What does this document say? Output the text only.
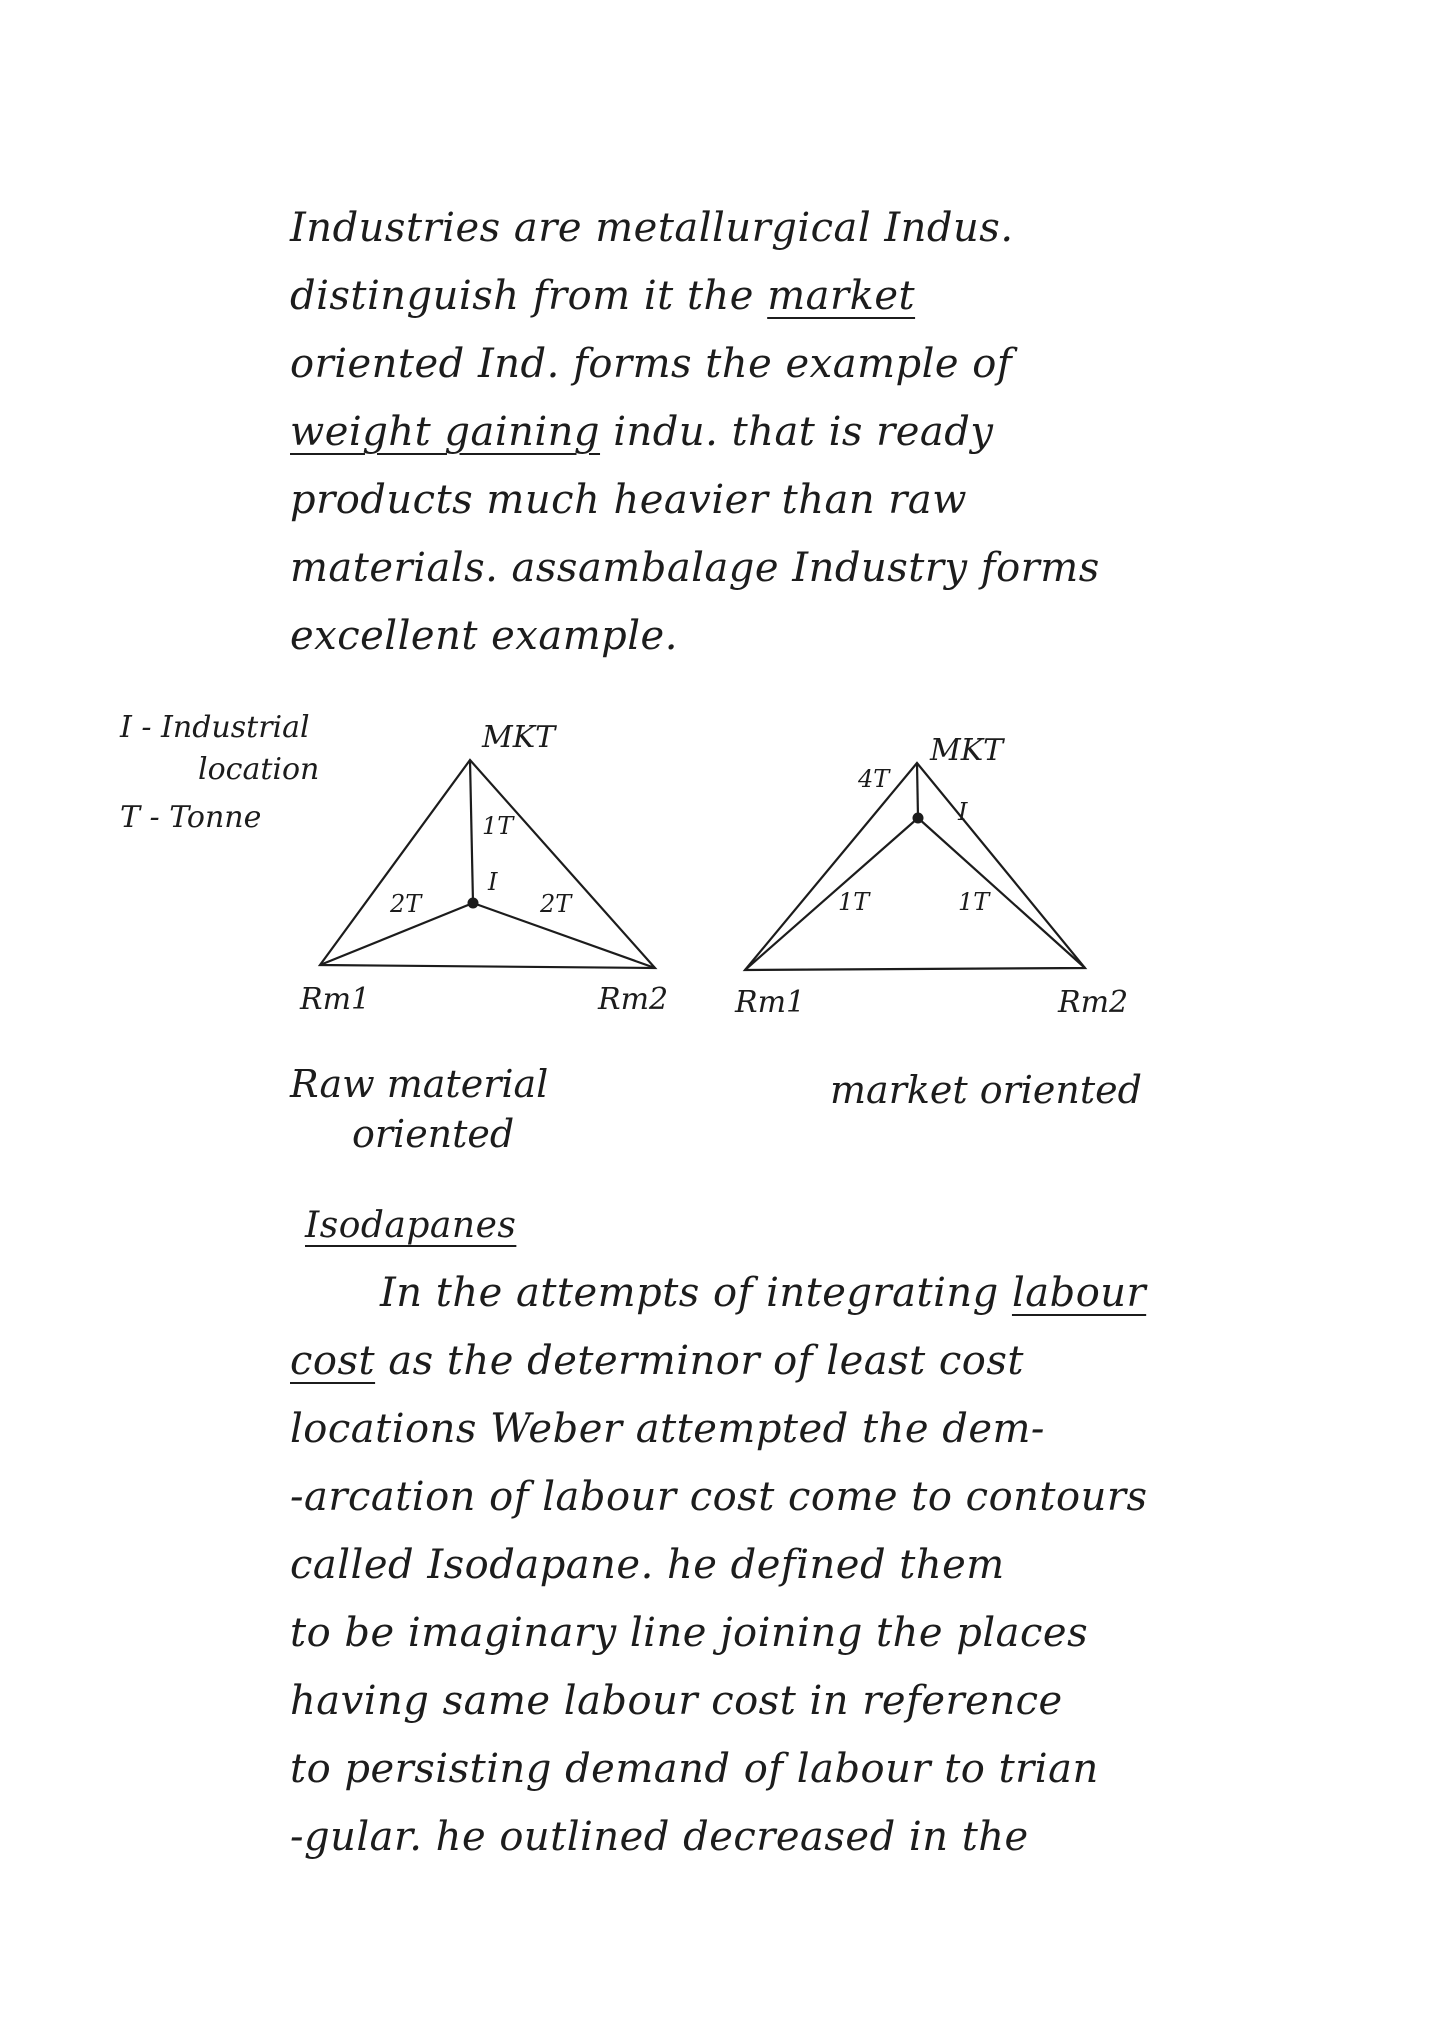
Industries are metallurgical Indus.
distinguish from it the market
oriented Ind. forms the example of
weight gaining indu. that is ready
products much heavier than raw
materials. assambalage Industry forms
excellent example.
I - Industrial
location
T - Tonne
MKT
1T
I
2T	2T
Rm1	Rm2
MKT
4T
I
1T	1T
Rm1	Rm2
Raw material
oriented
market oriented
Isodapanes
In the attempts of integrating labour
cost as the determinor of least cost
locations Weber attempted the dem-
-arcation of labour cost come to contours
called Isodapane. he defined them
to be imaginary line joining the places
having same labour cost in reference
to persisting demand of labour to trian
-gular. he outlined decreased in the
